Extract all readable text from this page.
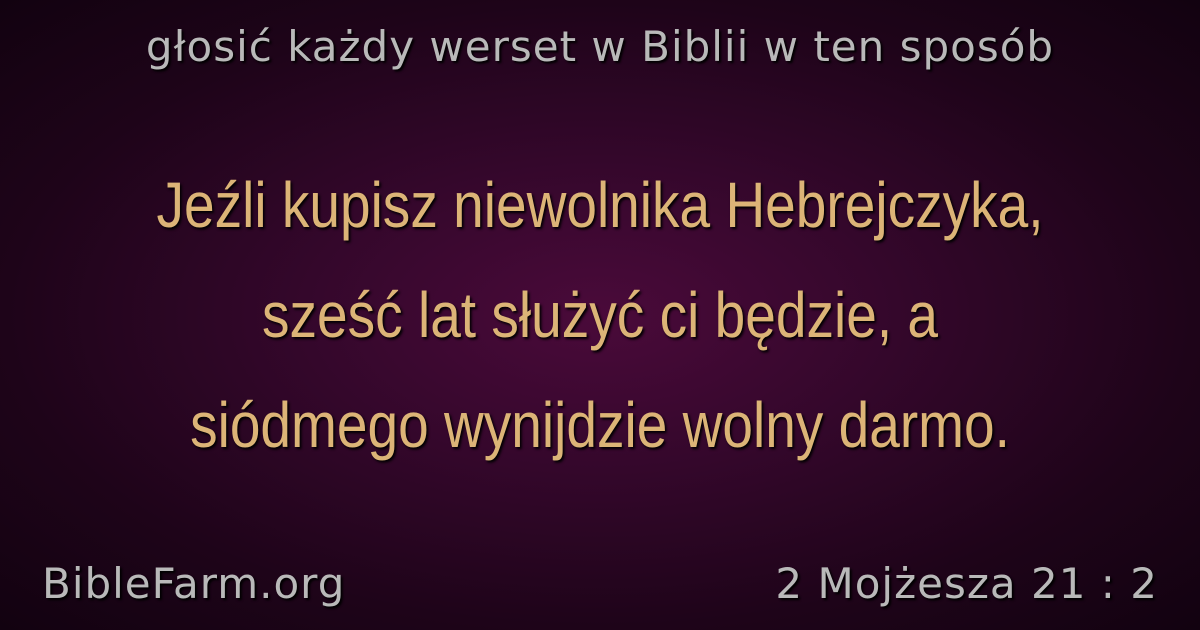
głosić każdy werset w Biblii w ten sposób
Jeźli kupisz niewolnika Hebrejczyka,
sześć lat służyć ci będzie, a
siódmego wynijdzie wolny darmo.
BibleFarm.org	2 Mojżesza 21 : 2
